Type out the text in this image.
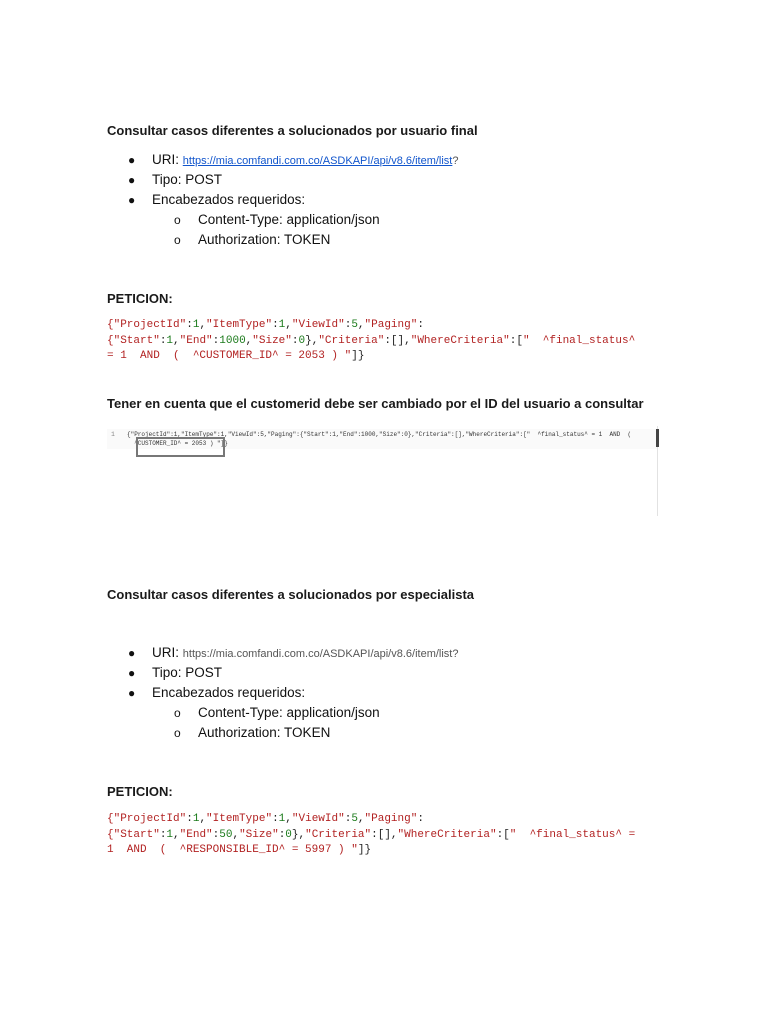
Consultar casos diferentes a solucionados por usuario final
● URI: https://mia.comfandi.com.co/ASDKAPI/api/v8.6/item/list?
● Tipo: POST
● Encabezados requeridos:
o Content-Type: application/json
o Authorization: TOKEN
PETICION:
{"ProjectId":1,"ItemType":1,"ViewId":5,"Paging":
{"Start":1,"End":1000,"Size":0},"Criteria":[],"WhereCriteria":["  ^final_status^
= 1  AND  (  ^CUSTOMER_ID^ = 2053 ) "]}
Tener en cuenta que el customerid debe ser cambiado por el ID del usuario a consultar
1 {"ProjectId":1,"ItemType":1,"ViewId":5,"Paging":{"Start":1,"End":1000,"Size":0},"Criteria":[],"WhereCriteria":["  ^final_status^ = 1  AND  (
^CUSTOMER_ID^ = 2053 ) "]}
Consultar casos diferentes a solucionados por especialista
● URI: https://mia.comfandi.com.co/ASDKAPI/api/v8.6/item/list?
● Tipo: POST
● Encabezados requeridos:
o Content-Type: application/json
o Authorization: TOKEN
PETICION:
{"ProjectId":1,"ItemType":1,"ViewId":5,"Paging":
{"Start":1,"End":50,"Size":0},"Criteria":[],"WhereCriteria":["  ^final_status^ =
1  AND  (  ^RESPONSIBLE_ID^ = 5997 ) "]}
